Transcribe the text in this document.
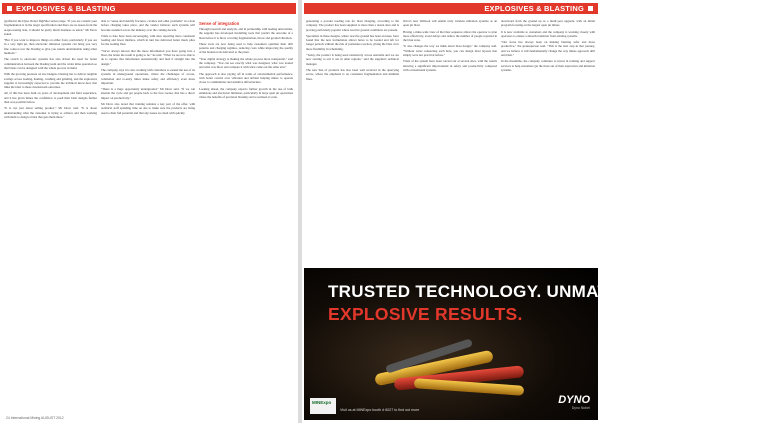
EXPLOSIVES & BLASTING

typified in the Dyno Nobel DigiShot series range. "If you are content your fragmentation is in the target specification and there are no issues from the oreprocessing side, it should be pretty much business as usual," Mr Drew stated.

"But if you want to improve things on either front, particularly if you are in a very tight pit, then electronic initiation systems can bring you very fine control over the blasting to give you results unobtainable using other methods."

The switch to electronic systems has also driven the need for better communication between the blasting team and the wider mine operation so that blasts can be designed with the whole process in mind.

With the growing pressure on site budgets, blasting has to deliver tangible savings across loading, hauling, crushing and grinding, and the explosives supplier is increasingly expected to provide the technical know-how that links the blast to these downstream outcomes.

All of this has been built on years of development and field experience, and it has given mines the confidence to push their blast designs further than was possible before.

"It is not just about selling product," Mr Drew said. "It is about understanding what the customer is trying to achieve and then working with them to design a blast that gets them there."

able to "sense and identify fractures, cavities and other problems" in a hole before charging takes place, and the vendor believes such systems will become standard across the industry over the coming decade.

Trials to date have been encouraging, with sites reporting more consistent loading and fewer misfires, which in turn has delivered better muck piles for the loading fleet.

"We've always known that the more information you have going into a blast, the better the result is going to be," he said. "What we are now able to do is capture that information automatically and feed it straight into the design."

The company says it is also working with customers to extend the use of its systems in underground operations, where the challenges of access, ventilation and re-entry times make safety and efficiency even more important.

"There is a huge opportunity underground," Mr Drew said. "If we can shorten the cycle and get people back to the face sooner, that has a direct impact on productivity."

Mr Drew also noted that training remains a key part of the offer, with technical staff spending time on site to make sure the products are being used to their full potential and that any issues are dealt with quickly.

Sense of integration

Through research and analysis, and in partnership with leading universities, the supplier has developed modelling tools that predict the outcome of a blast before it is fired, covering fragmentation, throw and ground vibration.

These tools are now being used to help customers optimise their drill patterns and charging regimes, reducing costs while improving the quality of the broken rock delivered to the plant.

"Your digital strategy is making the whole process more transparent," said the company. "You can see exactly what was designed, what was loaded and what was fired, and compare it with what came out the other end."

The approach is also paying off in terms of environmental performance, with better control over vibration and airblast helping mines to operate closer to communities and sensitive infrastructure.

Looking ahead, the company expects further growth in the use of bulk emulsions and electronic initiation, particularly in large open pit operations where the benefits of precision blasting can be realised at scale.

24 International Mining AUGUST 2012
EXPLOSIVES & BLASTING

generating a powder loading rate for blast charging, according to the company. The product has been supplied to more than a dozen sites and is proving particularly popular where reactive ground conditions are present.

Specialists in these designs, where reactive ground has been an issue, have found that the new formulation allows holes to be loaded and left for longer periods without the risk of premature reaction, giving the blast crew more flexibility in scheduling.

"Today, the product is being used extensively across Australia and we are now starting to roll it out in other regions," said the supplier's technical manager.

The new line of products has also been well received in the quarrying sector, where the emphasis is on consistent fragmentation and minimal fines.

Orica's new WebGen will enable truly wireless initiation systems as an open pit blast.

Having a mine-wide view of the blast sequence allows the operator to plan more effectively, avoid delays and reduce the number of people required in the blast zone.

"It also changes the way we think about blast design," the company said. "Without wires connecting each hole, you can design blast layouts that simply were not practical before."

Trials of the system have been carried out at several sites, with the results showing a significant improvement in safety and productivity compared with conventional systems.

downward from the ground up as a multi-year upgrade, with an initial program focusing on the largest open pit mines.

It is now available to customers and the company is working closely with operators to ensure a smooth transition from existing systems.

"Our focus has always been on making blasting safer and more productive," the spokesperson said. "This is the next step in that journey, and we believe it will fundamentally change the way mines approach drill and blast."

In the meantime, the company continues to invest in training and support services to help customers get the most out of their explosives and initiation systems.

TRUSTED TECHNOLOGY. UNMATCHED EXPERTISE.
EXPLOSIVE RESULTS.
MINExpo
Visit us at MINExpo booth # 6027 to find out more
DYNO
Dyno Nobel
